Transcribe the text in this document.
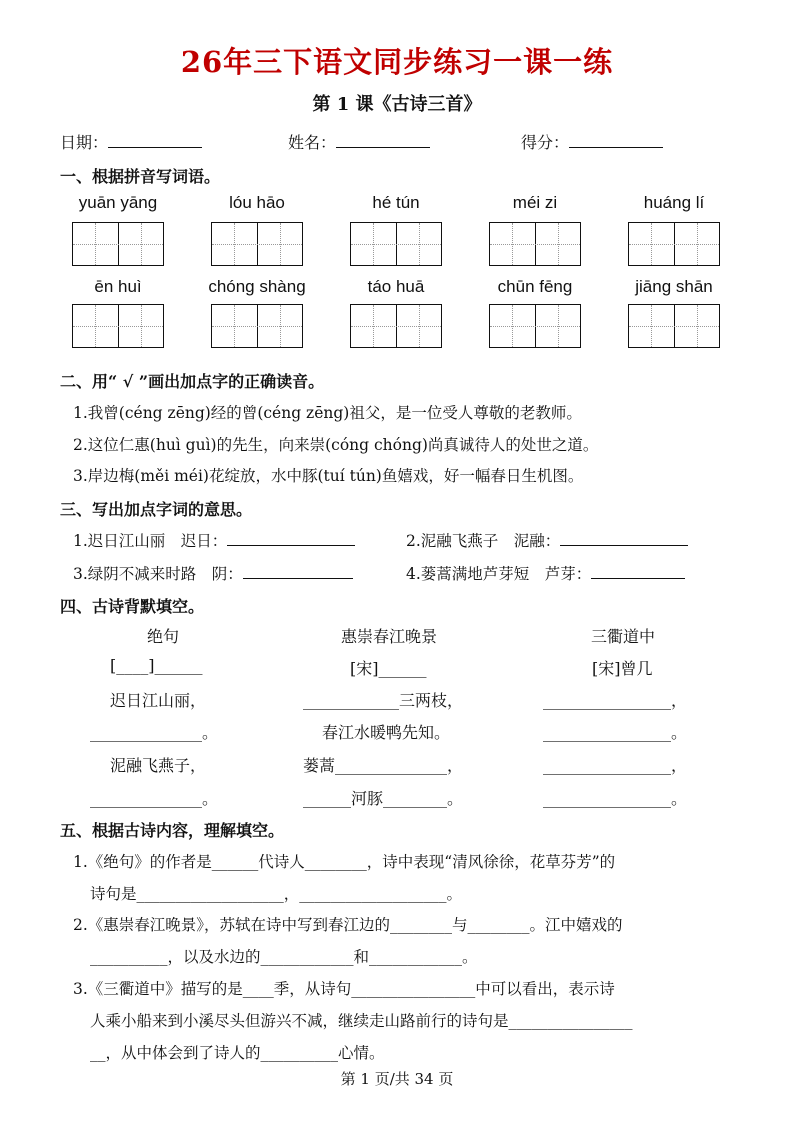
26年三下语文同步练习一课一练
第 1 课《古诗三首》
日期：	姓名：	得分：
一、根据拼音写词语。
yuān yāng	lóu hāo	hé tún	méi zi	huáng lí
ēn huì	chóng shàng	táo huā	chūn fēng	jiāng shān
二、用“ √ ”画出加点字的正确读音。
1.我曾(céng zēng)经的曾(céng zēng)祖父，是一位受人尊敬的老教师。
2.这位仁惠(huì guì)的先生，向来崇(cóng chóng)尚真诚待人的处世之道。
3.岸边梅(měi méi)花绽放，水中豚(tuí tún)鱼嬉戏，好一幅春日生机图。
三、写出加点字词的意思。
1.迟日江山丽　迟日：	2.泥融飞燕子　泥融：
3.绿阴不减来时路　阴：	4.蒌蒿满地芦芽短　芦芽：
四、古诗背默填空。
绝句
[____]______
迟日江山丽，
______________。
泥融飞燕子，
______________。
惠崇春江晚景
[宋]______
____________三两枝，
春江水暖鸭先知。
蒌蒿______________，
______河豚________。
三衢道中
[宋]曾几
________________，
________________。
________________，
________________。
五、根据古诗内容，理解填空。
1.《绝句》的作者是______代诗人________，诗中表现“清风徐徐，花草芬芳”的
诗句是___________________，___________________。
2.《惠崇春江晚景》，苏轼在诗中写到春江边的________与________。江中嬉戏的
__________，以及水边的____________和____________。
3.《三衢道中》描写的是____季，从诗句________________中可以看出，表示诗
人乘小船来到小溪尽头但游兴不减，继续走山路前行的诗句是________________
__，从中体会到了诗人的__________心情。
第 1 页/共 34 页
